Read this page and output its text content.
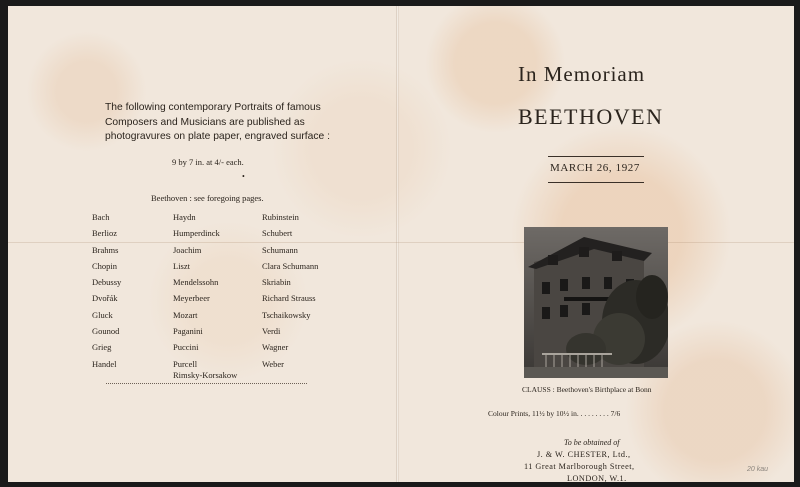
The following contemporary Portraits of famous Composers and Musicians are published as photogravures on plate paper, engraved surface :
9 by 7 in. at 4/- each.
•
Beethoven : see foregoing pages.
Bach
Berlioz
Brahms
Chopin
Debussy
Dvořák
Gluck
Gounod
Grieg
Handel
Haydn
Humperdinck
Joachim
Liszt
Mendelssohn
Meyerbeer
Mozart
Paganini
Puccini
Purcell
Rubinstein
Schubert
Schumann
Clara Schumann
Skriabin
Richard Strauss
Tschaikowsky
Verdi
Wagner
Weber
Rimsky-Korsakow
In Memoriam
BEETHOVEN
MARCH 26, 1927
CLAUSS : Beethoven's Birthplace at Bonn
Colour Prints, 11½ by 10½ in. . . . . . . . . 7/6
To be obtained of
J. & W. CHESTER, Ltd.,
11 Great Marlborough Street,
LONDON, W.1.
20 kau
